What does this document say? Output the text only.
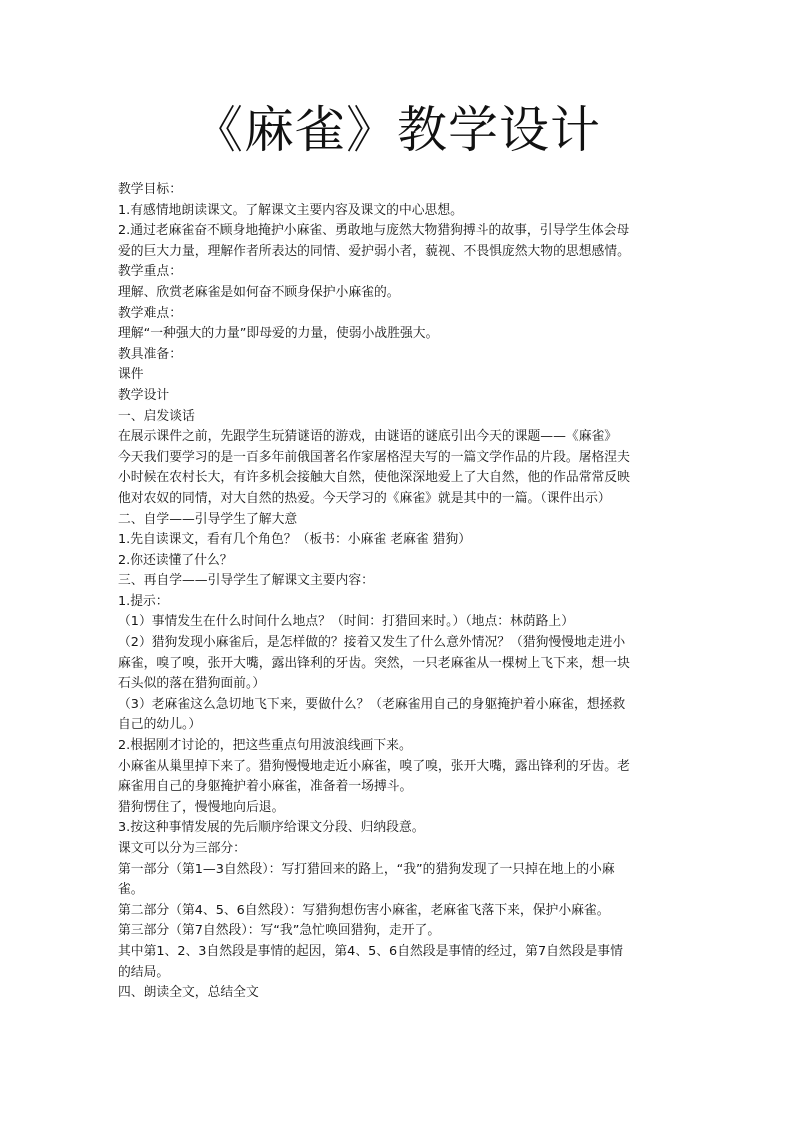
《麻雀》教学设计
教学目标：
1.有感情地朗读课文。了解课文主要内容及课文的中心思想。
2.通过老麻雀奋不顾身地掩护小麻雀、勇敢地与庞然大物猎狗搏斗的故事，引导学生体会母
爱的巨大力量，理解作者所表达的同情、爱护弱小者，藐视、不畏惧庞然大物的思想感情。
教学重点：
理解、欣赏老麻雀是如何奋不顾身保护小麻雀的。
教学难点：
理解“一种强大的力量”即母爱的力量，使弱小战胜强大。
教具准备：
课件
教学设计
一、启发谈话
在展示课件之前，先跟学生玩猜谜语的游戏，由谜语的谜底引出今天的课题——《麻雀》
今天我们要学习的是一百多年前俄国著名作家屠格涅夫写的一篇文学作品的片段。屠格涅夫
小时候在农村长大，有许多机会接触大自然，使他深深地爱上了大自然，他的作品常常反映
他对农奴的同情，对大自然的热爱。今天学习的《麻雀》就是其中的一篇。（课件出示）
二、自学——引导学生了解大意
1.先自读课文，看有几个角色？（板书：小麻雀 老麻雀 猎狗）
2.你还读懂了什么？
三、再自学——引导学生了解课文主要内容：
1.提示：
（1）事情发生在什么时间什么地点？（时间：打猎回来时。）（地点：林荫路上）
（2）猎狗发现小麻雀后，是怎样做的？接着又发生了什么意外情况？（猎狗慢慢地走进小
麻雀，嗅了嗅，张开大嘴，露出锋利的牙齿。突然，一只老麻雀从一棵树上飞下来，想一块
石头似的落在猎狗面前。）
（3）老麻雀这么急切地飞下来，要做什么？（老麻雀用自己的身躯掩护着小麻雀，想拯救
自己的幼儿。）
2.根据刚才讨论的，把这些重点句用波浪线画下来。
小麻雀从巢里掉下来了。猎狗慢慢地走近小麻雀，嗅了嗅，张开大嘴，露出锋利的牙齿。老
麻雀用自己的身躯掩护着小麻雀，准备着一场搏斗。
猎狗愣住了，慢慢地向后退。
3.按这种事情发展的先后顺序给课文分段、归纳段意。
课文可以分为三部分：
第一部分（第1—3自然段）：写打猎回来的路上，“我”的猎狗发现了一只掉在地上的小麻
雀。
第二部分（第4、5、6自然段）：写猎狗想伤害小麻雀，老麻雀飞落下来，保护小麻雀。
第三部分（第7自然段）：写“我”急忙唤回猎狗，走开了。
其中第1、2、3自然段是事情的起因，第4、5、6自然段是事情的经过，第7自然段是事情
的结局。
四、朗读全文，总结全文
